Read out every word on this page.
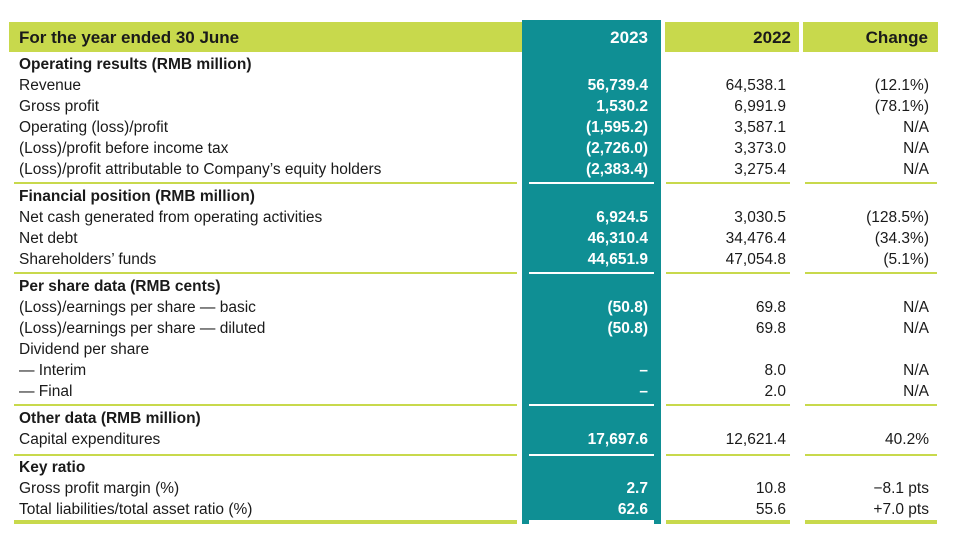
For the year ended 30 June	2023	2022	Change
Operating results (RMB million)
Revenue	56,739.4	64,538.1	(12.1%)
Gross profit	1,530.2	6,991.9	(78.1%)
Operating (loss)/profit	(1,595.2)	3,587.1	N/A
(Loss)/profit before income tax	(2,726.0)	3,373.0	N/A
(Loss)/profit attributable to Company’s equity holders	(2,383.4)	3,275.4	N/A
Financial position (RMB million)
Net cash generated from operating activities	6,924.5	3,030.5	(128.5%)
Net debt	46,310.4	34,476.4	(34.3%)
Shareholders’ funds	44,651.9	47,054.8	(5.1%)
Per share data (RMB cents)
(Loss)/earnings per share — basic	(50.8)	69.8	N/A
(Loss)/earnings per share — diluted	(50.8)	69.8	N/A
Dividend per share
— Interim	–	8.0	N/A
— Final	–	2.0	N/A
Other data (RMB million)
Capital expenditures	17,697.6	12,621.4	40.2%
Key ratio
Gross profit margin (%)	2.7	10.8	−8.1 pts
Total liabilities/total asset ratio (%)	62.6	55.6	+7.0 pts
